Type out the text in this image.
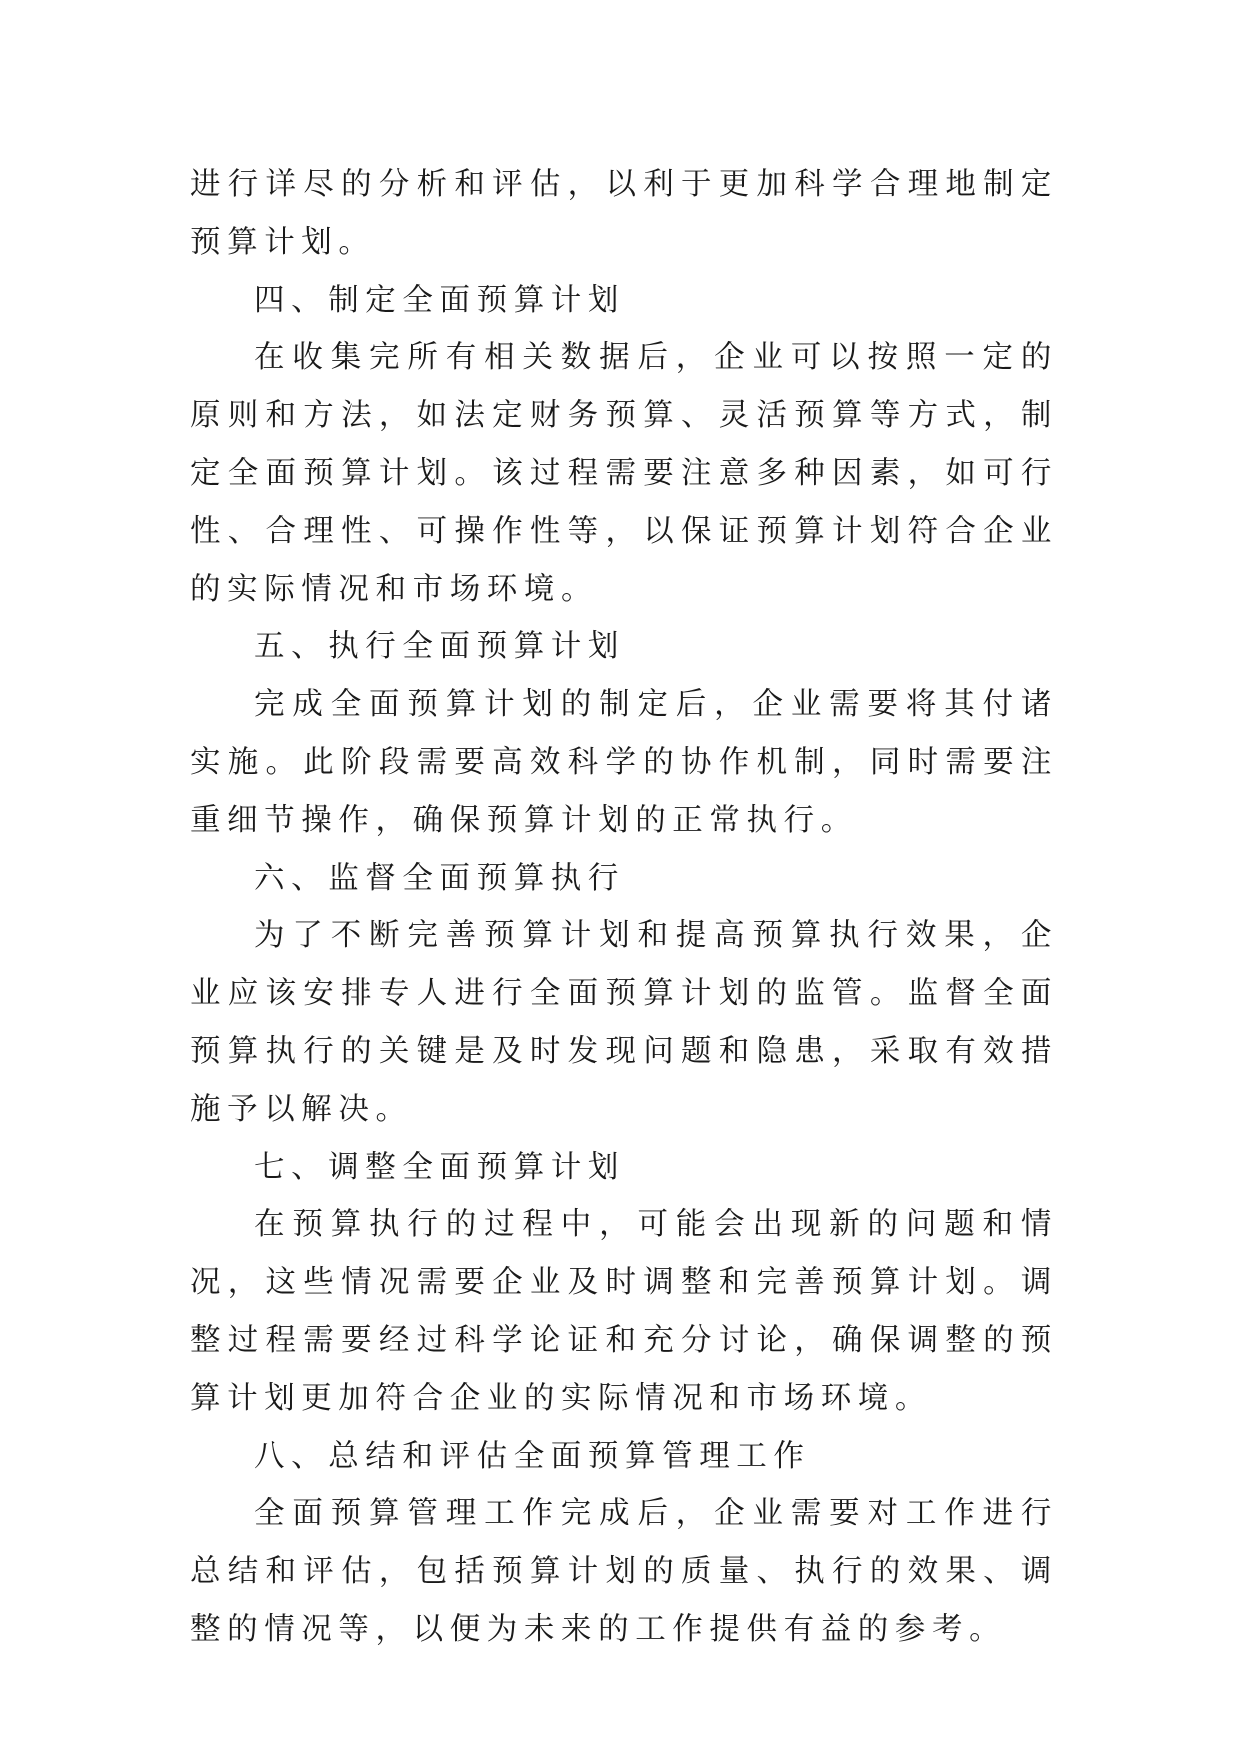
进行详尽的分析和评估，以利于更加科学合理地制定预算计划。

四、制定全面预算计划

在收集完所有相关数据后，企业可以按照一定的原则和方法，如法定财务预算、灵活预算等方式，制定全面预算计划。该过程需要注意多种因素，如可行性、合理性、可操作性等，以保证预算计划符合企业的实际情况和市场环境。

五、执行全面预算计划

完成全面预算计划的制定后，企业需要将其付诸实施。此阶段需要高效科学的协作机制，同时需要注重细节操作，确保预算计划的正常执行。

六、监督全面预算执行

为了不断完善预算计划和提高预算执行效果，企业应该安排专人进行全面预算计划的监管。监督全面预算执行的关键是及时发现问题和隐患，采取有效措施予以解决。

七、调整全面预算计划

在预算执行的过程中，可能会出现新的问题和情况，这些情况需要企业及时调整和完善预算计划。调整过程需要经过科学论证和充分讨论，确保调整的预算计划更加符合企业的实际情况和市场环境。

八、总结和评估全面预算管理工作

全面预算管理工作完成后，企业需要对工作进行总结和评估，包括预算计划的质量、执行的效果、调整的情况等，以便为未来的工作提供有益的参考。
